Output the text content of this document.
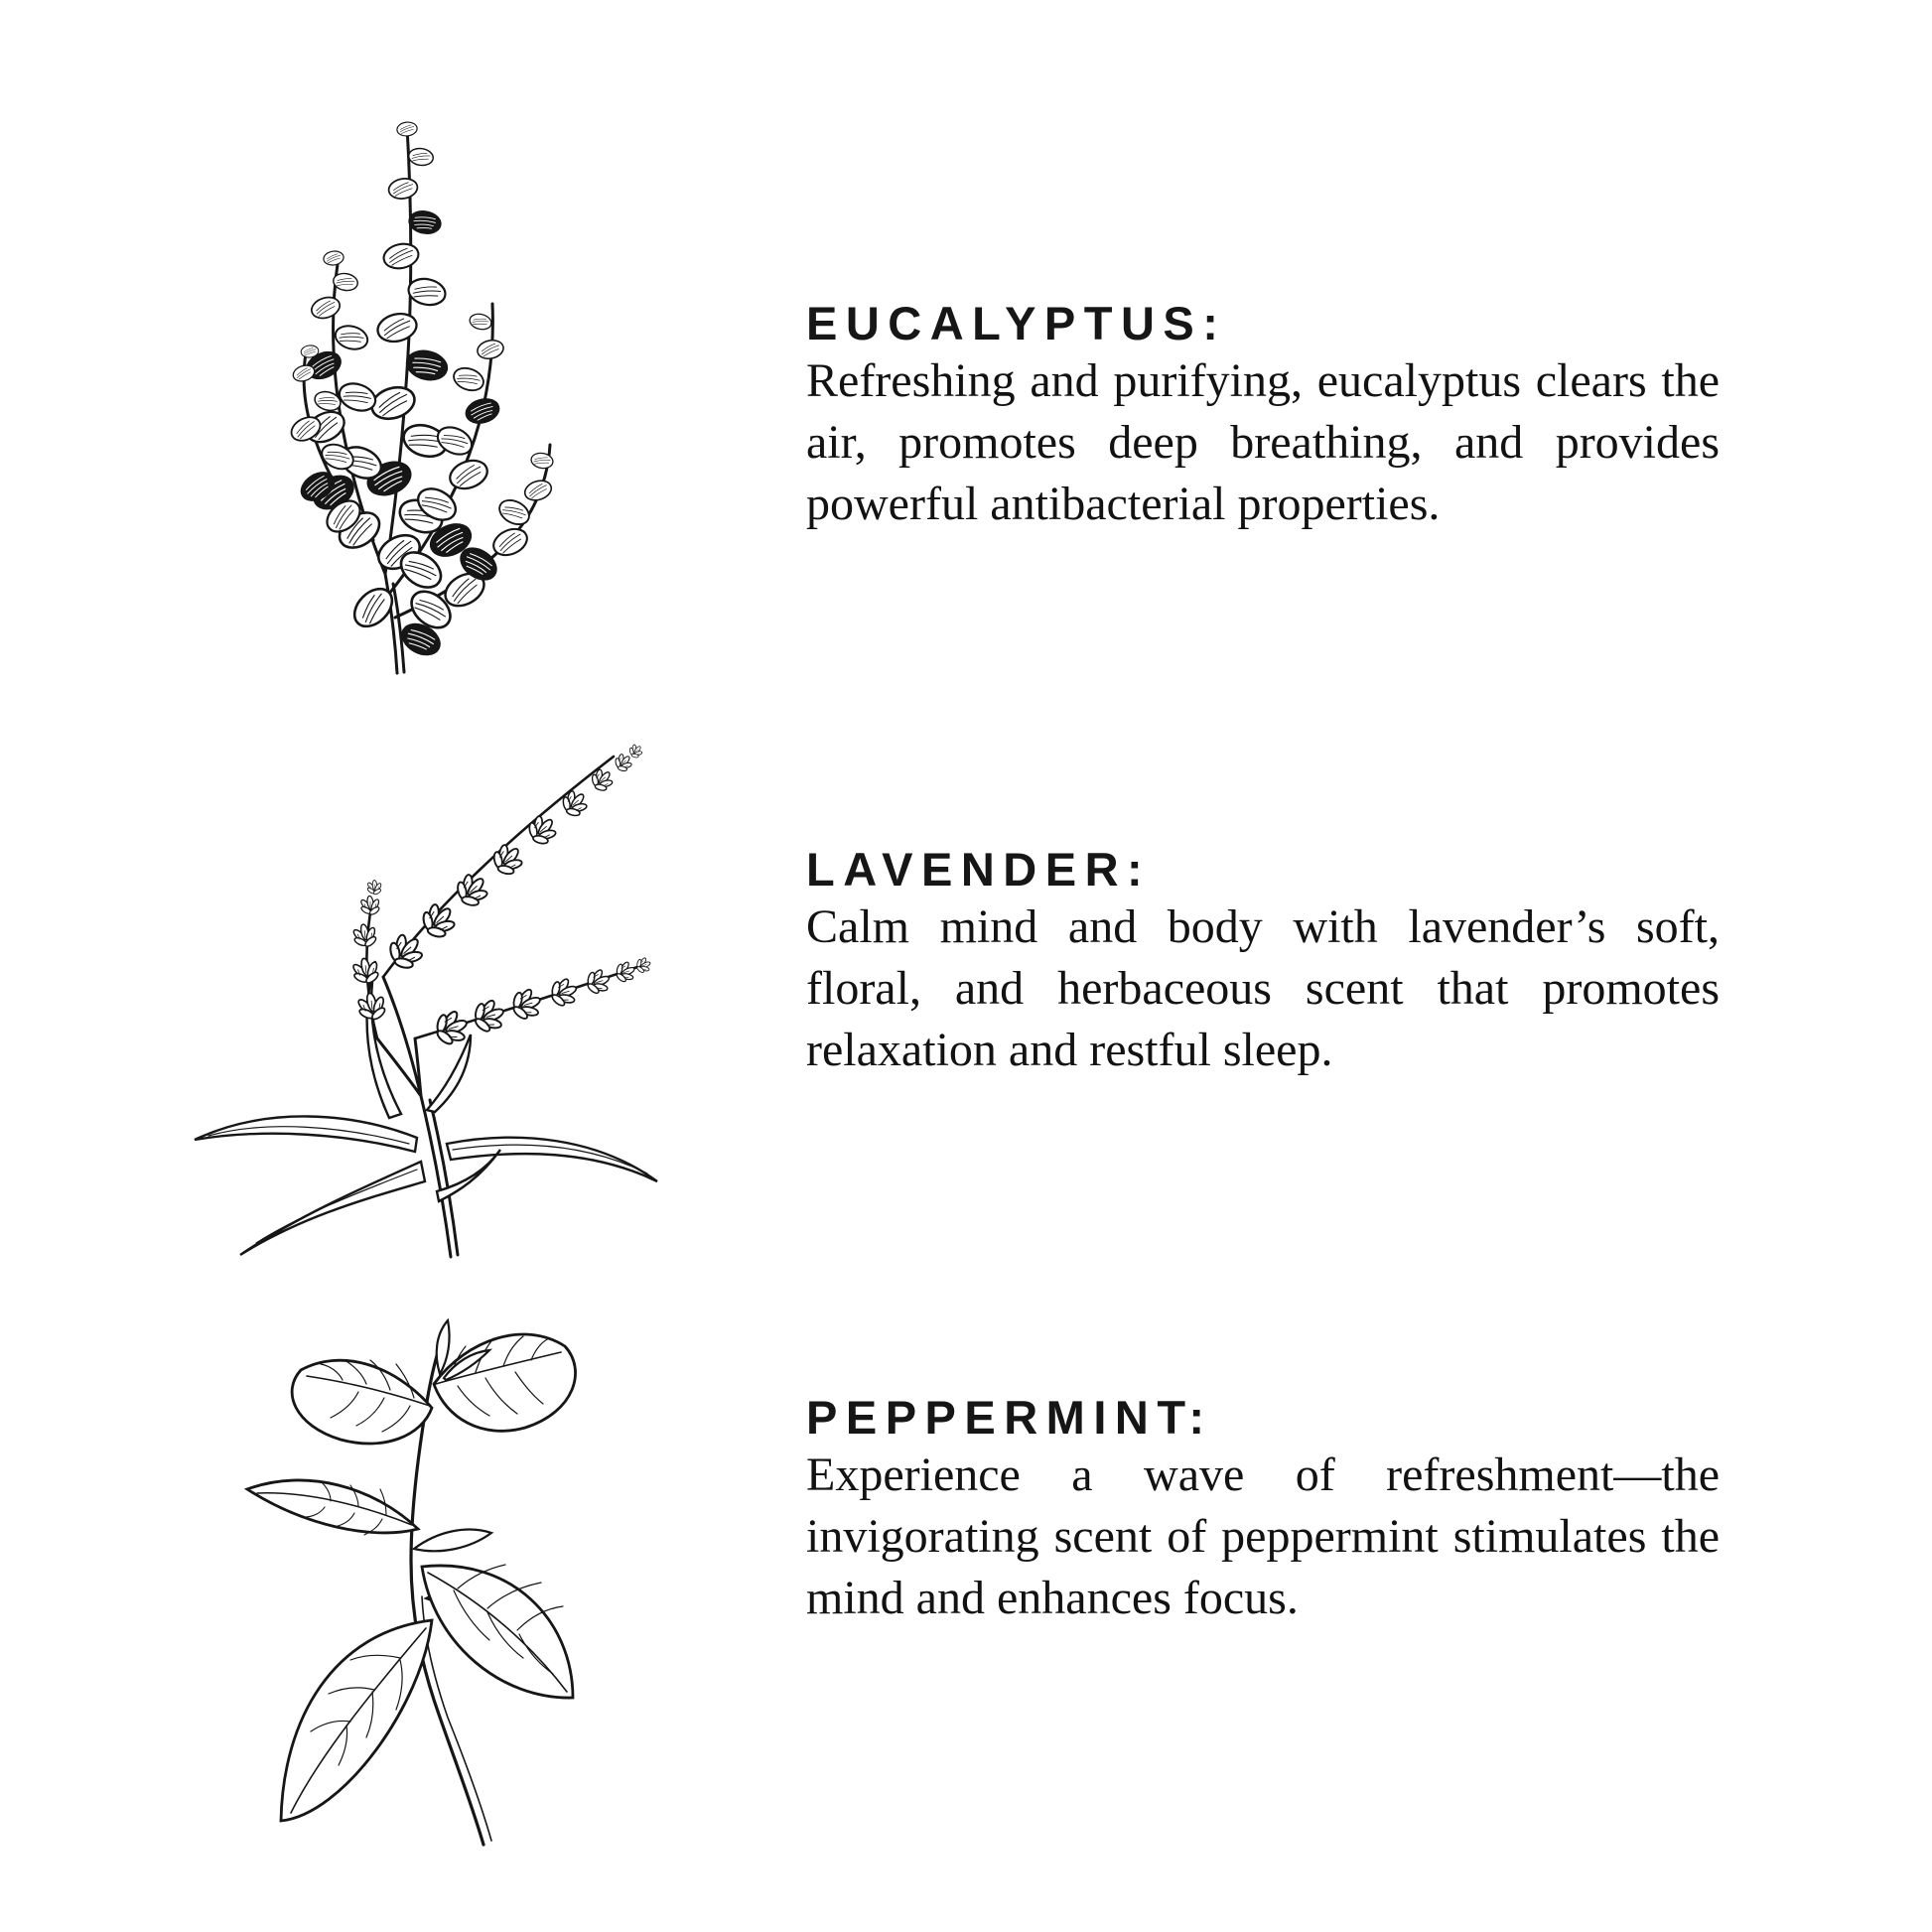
EUCALYPTUS:

Refreshing and purifying, eucalyptus clears the

air, promotes deep breathing, and provides

powerful antibacterial properties.

LAVENDER:

Calm mind and body with lavender’s soft,

floral, and herbaceous scent that promotes

relaxation and restful sleep.

PEPPERMINT:

Experience a wave of refreshment—the

invigorating scent of peppermint stimulates the

mind and enhances focus.
